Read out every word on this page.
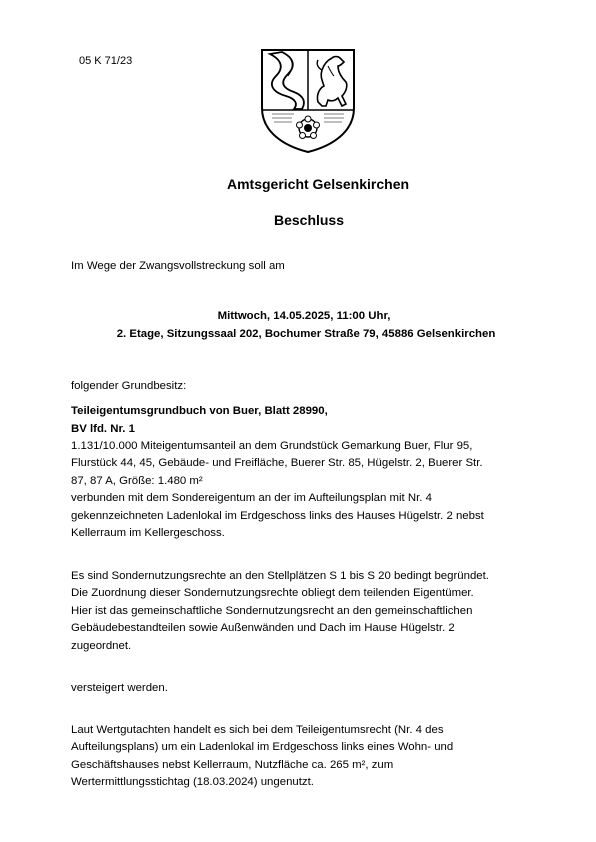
05 K 71/23
Amtsgericht Gelsenkirchen
Beschluss
Im Wege der Zwangsvollstreckung soll am
Mittwoch, 14.05.2025, 11:00 Uhr,
2. Etage, Sitzungssaal 202, Bochumer Straße 79, 45886 Gelsenkirchen
folgender Grundbesitz:
Teileigentumsgrundbuch von Buer, Blatt 28990,
BV lfd. Nr. 1
1.131/10.000 Miteigentumsanteil an dem Grundstück Gemarkung Buer, Flur 95,
Flurstück 44, 45, Gebäude- und Freifläche, Buerer Str. 85, Hügelstr. 2, Buerer Str.
87, 87 A, Größe: 1.480 m²
verbunden mit dem Sondereigentum an der im Aufteilungsplan mit Nr. 4
gekennzeichneten Ladenlokal im Erdgeschoss links des Hauses Hügelstr. 2 nebst
Kellerraum im Kellergeschoss.
Es sind Sondernutzungsrechte an den Stellplätzen S 1 bis S 20 bedingt begründet.
Die Zuordnung dieser Sondernutzungsrechte obliegt dem teilenden Eigentümer.
Hier ist das gemeinschaftliche Sondernutzungsrecht an den gemeinschaftlichen
Gebäudebestandteilen sowie Außenwänden und Dach im Hause Hügelstr. 2
zugeordnet.
versteigert werden.
Laut Wertgutachten handelt es sich bei dem Teileigentumsrecht (Nr. 4 des
Aufteilungsplans) um ein Ladenlokal im Erdgeschoss links eines Wohn- und
Geschäftshauses nebst Kellerraum, Nutzfläche ca. 265 m², zum
Wertermittlungsstichtag (18.03.2024) ungenutzt.
